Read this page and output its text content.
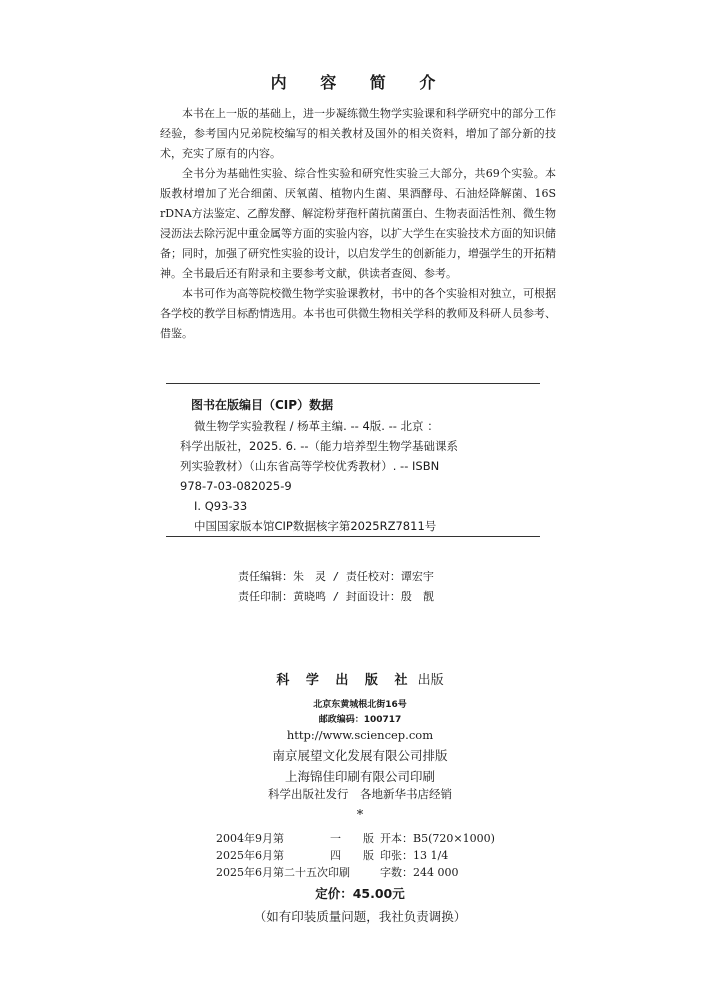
内 容 简 介

本书在上一版的基础上，进一步凝练微生物学实验课和科学研究中的部分工作经验，参考国内兄弟院校编写的相关教材及国外的相关资料，增加了部分新的技术，充实了原有的内容。

全书分为基础性实验、综合性实验和研究性实验三大部分，共69个实验。本版教材增加了光合细菌、厌氧菌、植物内生菌、果酒酵母、石油烃降解菌、16S rDNA方法鉴定、乙醇发酵、解淀粉芽孢杆菌抗菌蛋白、生物表面活性剂、微生物浸沥法去除污泥中重金属等方面的实验内容，以扩大学生在实验技术方面的知识储备；同时，加强了研究性实验的设计，以启发学生的创新能力，增强学生的开拓精神。全书最后还有附录和主要参考文献，供读者查阅、参考。

本书可作为高等院校微生物学实验课教材，书中的各个实验相对独立，可根据各学校的教学目标酌情选用。本书也可供微生物相关学科的教师及科研人员参考、借鉴。

图书在版编目（CIP）数据
微生物学实验教程 / 杨革主编. -- 4版. -- 北京 ：
科学出版社，2025. 6. --（能力培养型生物学基础课系
列实验教材）（山东省高等学校优秀教材）. -- ISBN
978-7-03-082025-9
Ⅰ. Q93-33
中国国家版本馆CIP数据核字第2025RZ7811号
责任编辑：朱　灵 / 责任校对：谭宏宇
责任印制：黄晓鸣 / 封面设计：殷　靓
科 学 出 版 社 出版
北京东黄城根北街16号
邮政编码：100717
http://www.sciencep.com
南京展望文化发展有限公司排版
上海锦佳印刷有限公司印刷
科学出版社发行　各地新华书店经销
*
2004年9月第	一　　版 开本：B5(720×1000)
2025年6月第	四　　版 印张：13 1/4
2025年6月第二十五次印刷	字数：244 000
定价：45.00元
（如有印装质量问题，我社负责调换）
